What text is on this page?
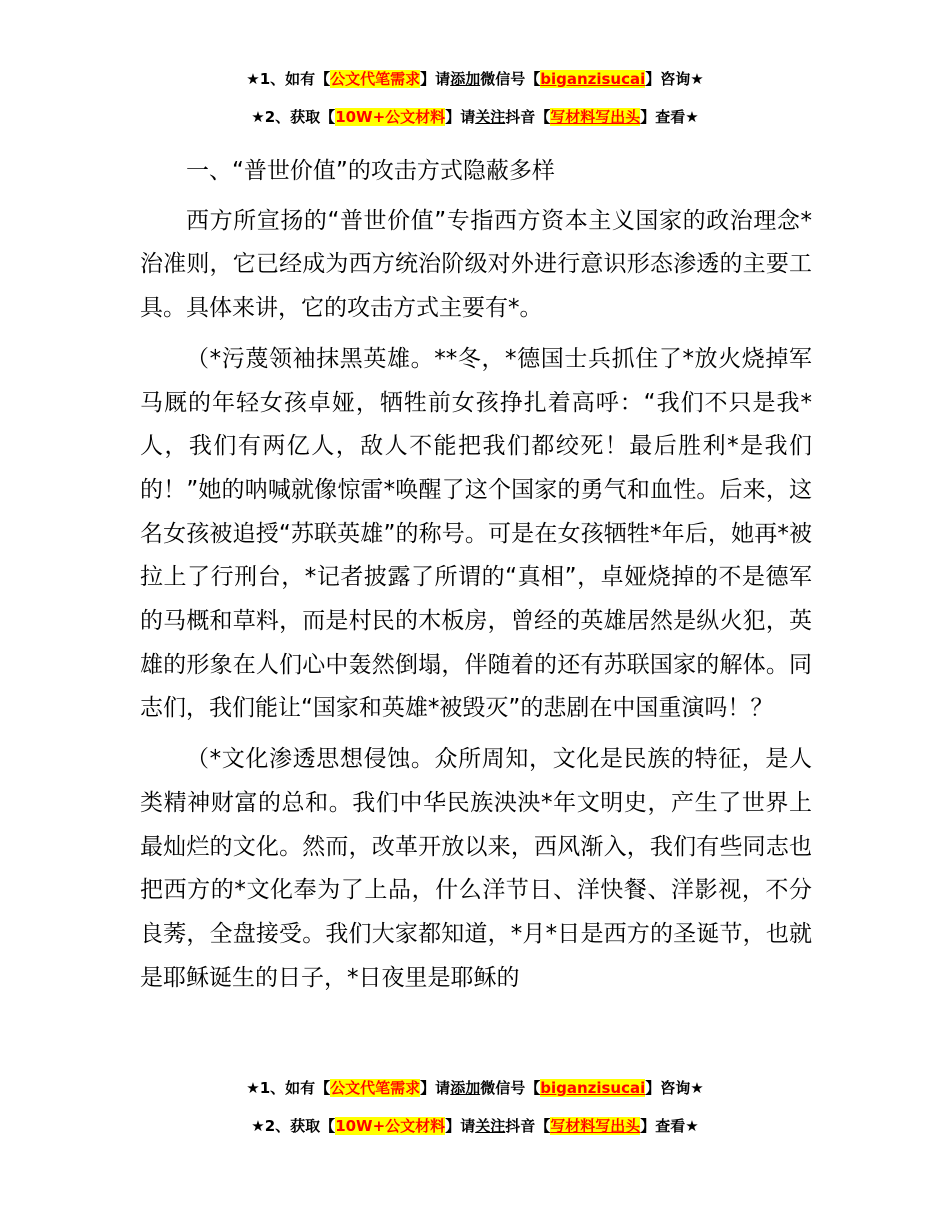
★1、如有【公文代笔需求】请添加微信号【biganzisucai】咨询★
★2、获取【10W+公文材料】请关注抖音【写材料写出头】查看★

一、“普世价值”的攻击方式隐蔽多样

西方所宣扬的“普世价值”专指西方资本主义国家的政治理念*治准则，它已经成为西方统治阶级对外进行意识形态渗透的主要工具。具体来讲，它的攻击方式主要有*。

（*污蔑领袖抹黑英雄。**冬，*德国士兵抓住了*放火烧掉军马厩的年轻女孩卓娅，牺牲前女孩挣扎着高呼：“我们不只是我*人，我们有两亿人，敌人不能把我们都绞死！最后胜利*是我们的！”她的呐喊就像惊雷*唤醒了这个国家的勇气和血性。后来，这名女孩被追授“苏联英雄”的称号。可是在女孩牺牲*年后，她再*被拉上了行刑台，*记者披露了所谓的“真相”，卓娅烧掉的不是德军的马概和草料，而是村民的木板房，曾经的英雄居然是纵火犯，英雄的形象在人们心中轰然倒塌，伴随着的还有苏联国家的解体。同志们，我们能让“国家和英雄*被毁灭”的悲剧在中国重演吗！？

（*文化渗透思想侵蚀。众所周知，文化是民族的特征，是人类精神财富的总和。我们中华民族泱泱*年文明史，产生了世界上最灿烂的文化。然而，改革开放以来，西风渐入，我们有些同志也把西方的*文化奉为了上品，什么洋节日、洋快餐、洋影视，不分良莠，全盘接受。我们大家都知道，*月*日是西方的圣诞节，也就是耶稣诞生的日子，*日夜里是耶稣的

★1、如有【公文代笔需求】请添加微信号【biganzisucai】咨询★
★2、获取【10W+公文材料】请关注抖音【写材料写出头】查看★
